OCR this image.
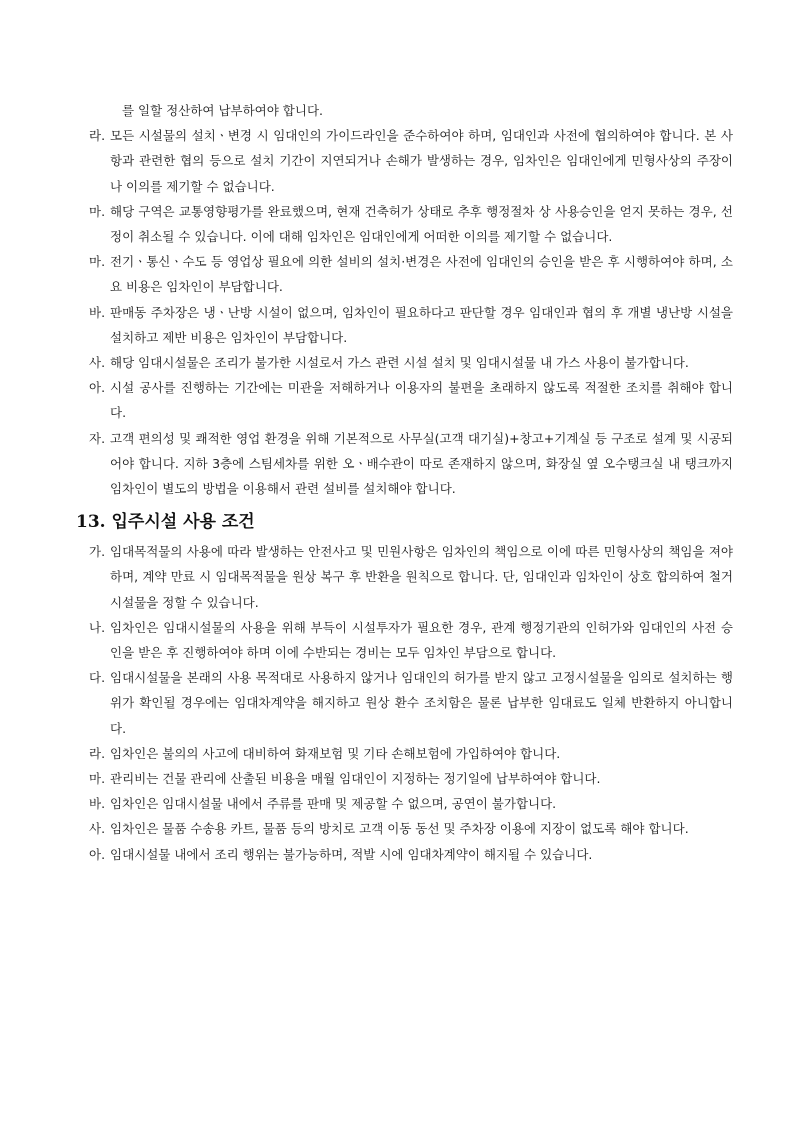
를 일할 정산하여 납부하여야 합니다.
라. 모든 시설물의 설치ㆍ변경 시 임대인의 가이드라인을 준수하여야 하며, 임대인과 사전에 협의하여야 합니다. 본 사항과 관련한 협의 등으로 설치 기간이 지연되거나 손해가 발생하는 경우, 임차인은 임대인에게 민형사상의 주장이나 이의를 제기할 수 없습니다.
마. 해당 구역은 교통영향평가를 완료했으며, 현재 건축허가 상태로 추후 행정절차 상 사용승인을 얻지 못하는 경우, 선정이 취소될 수 있습니다. 이에 대해 임차인은 임대인에게 어떠한 이의를 제기할 수 없습니다.
마. 전기ㆍ통신ㆍ수도 등 영업상 필요에 의한 설비의 설치·변경은 사전에 임대인의 승인을 받은 후 시행하여야 하며, 소요 비용은 임차인이 부담합니다.
바. 판매동 주차장은 냉ㆍ난방 시설이 없으며, 임차인이 필요하다고 판단할 경우 임대인과 협의 후 개별 냉난방 시설을 설치하고 제반 비용은 임차인이 부담합니다.
사. 해당 임대시설물은 조리가 불가한 시설로서 가스 관련 시설 설치 및 임대시설물 내 가스 사용이 불가합니다.
아. 시설 공사를 진행하는 기간에는 미관을 저해하거나 이용자의 불편을 초래하지 않도록 적절한 조치를 취해야 합니다.
자. 고객 편의성 및 쾌적한 영업 환경을 위해 기본적으로 사무실(고객 대기실)+창고+기계실 등 구조로 설계 및 시공되어야 합니다. 지하 3층에 스팀세차를 위한 오ㆍ배수관이 따로 존재하지 않으며, 화장실 옆 오수탱크실 내 탱크까지 임차인이 별도의 방법을 이용해서 관련 설비를 설치해야 합니다.
13. 입주시설 사용 조건
가. 임대목적물의 사용에 따라 발생하는 안전사고 및 민원사항은 임차인의 책임으로 이에 따른 민형사상의 책임을 져야하며, 계약 만료 시 임대목적물을 원상 복구 후 반환을 원칙으로 합니다. 단, 임대인과 임차인이 상호 합의하여 철거시설물을 정할 수 있습니다.
나. 임차인은 임대시설물의 사용을 위해 부득이 시설투자가 필요한 경우, 관계 행정기관의 인허가와 임대인의 사전 승인을 받은 후 진행하여야 하며 이에 수반되는 경비는 모두 임차인 부담으로 합니다.
다. 임대시설물을 본래의 사용 목적대로 사용하지 않거나 임대인의 허가를 받지 않고 고정시설물을 임의로 설치하는 행위가 확인될 경우에는 임대차계약을 해지하고 원상 환수 조치함은 물론 납부한 임대료도 일체 반환하지 아니합니다.
라. 임차인은 불의의 사고에 대비하여 화재보험 및 기타 손해보험에 가입하여야 합니다.
마. 관리비는 건물 관리에 산출된 비용을 매월 임대인이 지정하는 정기일에 납부하여야 합니다.
바. 임차인은 임대시설물 내에서 주류를 판매 및 제공할 수 없으며, 공연이 불가합니다.
사. 임차인은 물품 수송용 카트, 물품 등의 방치로 고객 이동 동선 및 주차장 이용에 지장이 없도록 해야 합니다.
아. 임대시설물 내에서 조리 행위는 불가능하며, 적발 시에 임대차계약이 해지될 수 있습니다.
